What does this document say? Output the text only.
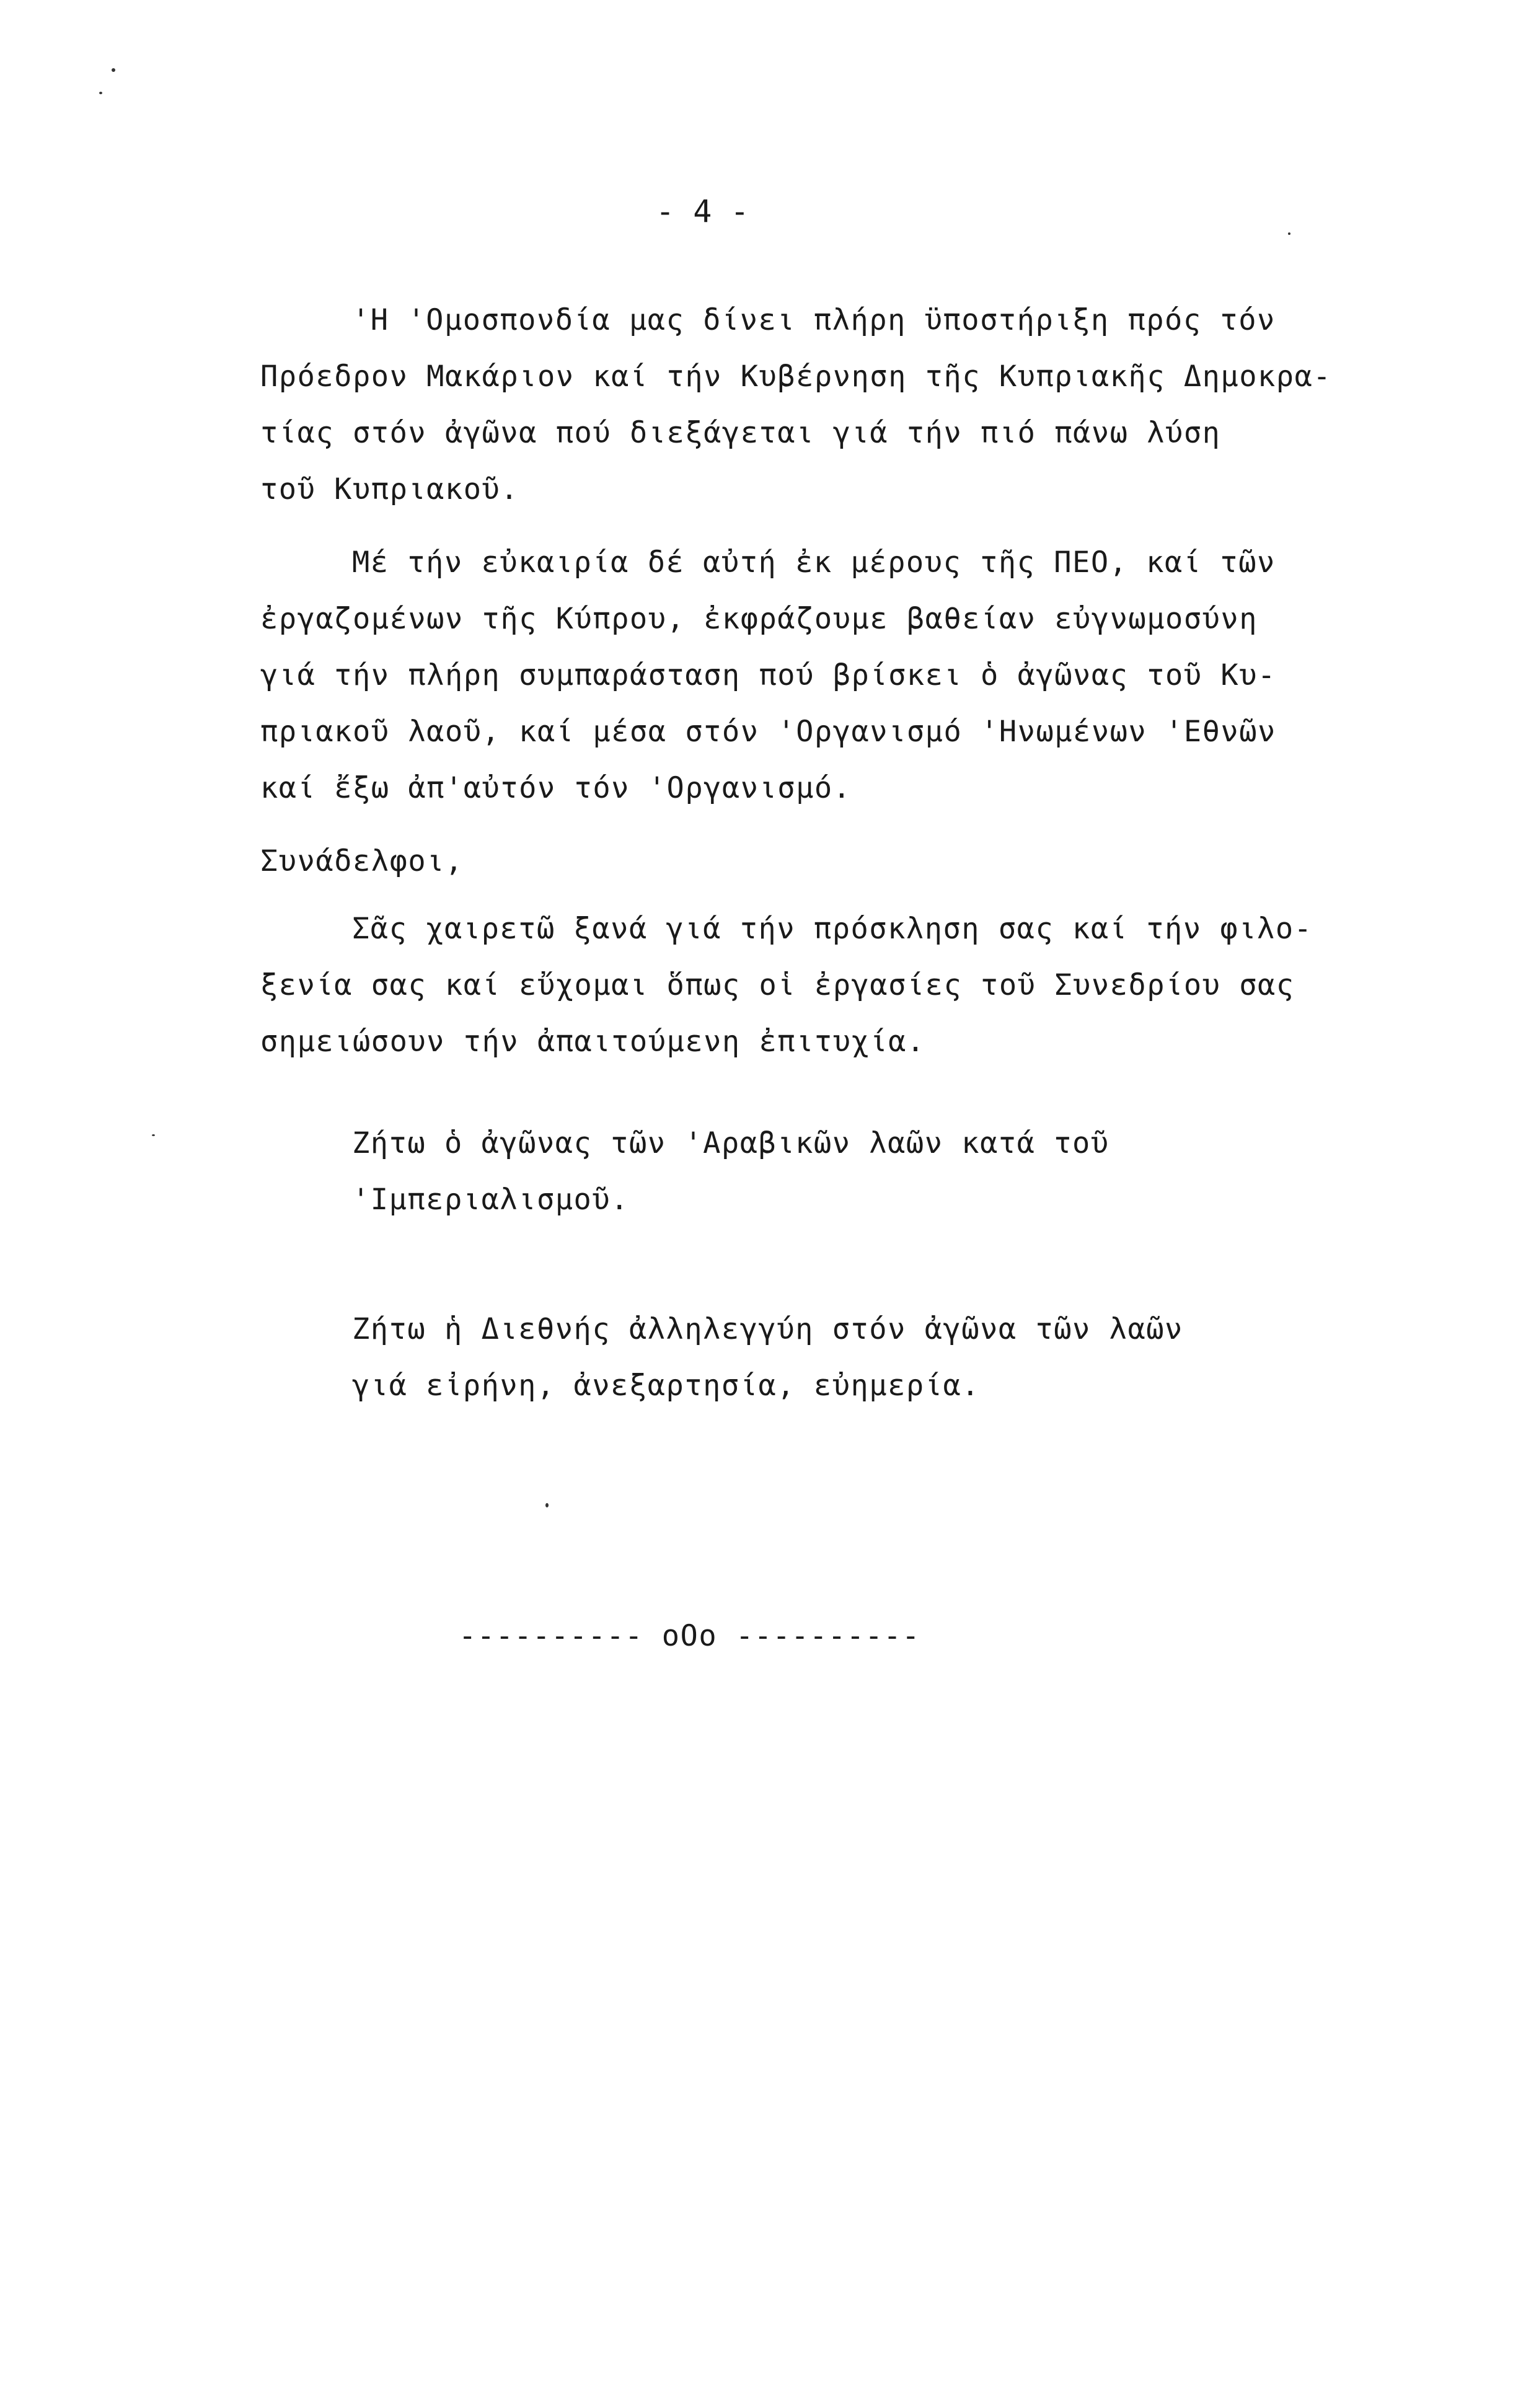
- 4 -
'Η 'Ομοσπονδία μας δίνει πλήρη ϋποστήριξη πρός τόν
Πρόεδρον Μακάριον καί τήν Κυβέρνηση τῆς Κυπριακῆς Δημοκρα-
τίας στόν ἀγῶνα πού διεξάγεται γιά τήν πιό πάνω λύση
τοῦ Κυπριακοῦ.
Μέ τήν εὐκαιρία δέ αὐτή ἐκ μέρους τῆς ΠΕΟ, καί τῶν
ἐργαζομένων τῆς Κύπρου, ἐκφράζουμε βαθείαν εὐγνωμοσύνη
γιά τήν πλήρη συμπαράσταση πού βρίσκει ὁ ἀγῶνας τοῦ Κυ-
πριακοῦ λαοῦ, καί μέσα στόν 'Οργανισμό 'Ηνωμένων 'Εθνῶν
καί ἔξω ἀπ'αὐτόν τόν 'Οργανισμό.
Συνάδελφοι,
Σᾶς χαιρετῶ ξανά γιά τήν πρόσκληση σας καί τήν φιλο-
ξενία σας καί εὔχομαι ὅπως οἱ ἐργασίες τοῦ Συνεδρίου σας
σημειώσουν τήν ἀπαιτούμενη ἐπιτυχία.
Ζήτω ὁ ἀγῶνας τῶν 'Αραβικῶν λαῶν κατά τοῦ
'Ιμπεριαλισμοῦ.
Ζήτω ἡ Διεθνής ἀλληλεγγύη στόν ἀγῶνα τῶν λαῶν
γιά εἰρήνη, ἀνεξαρτησία, εὐημερία.
---------- oOo ----------
